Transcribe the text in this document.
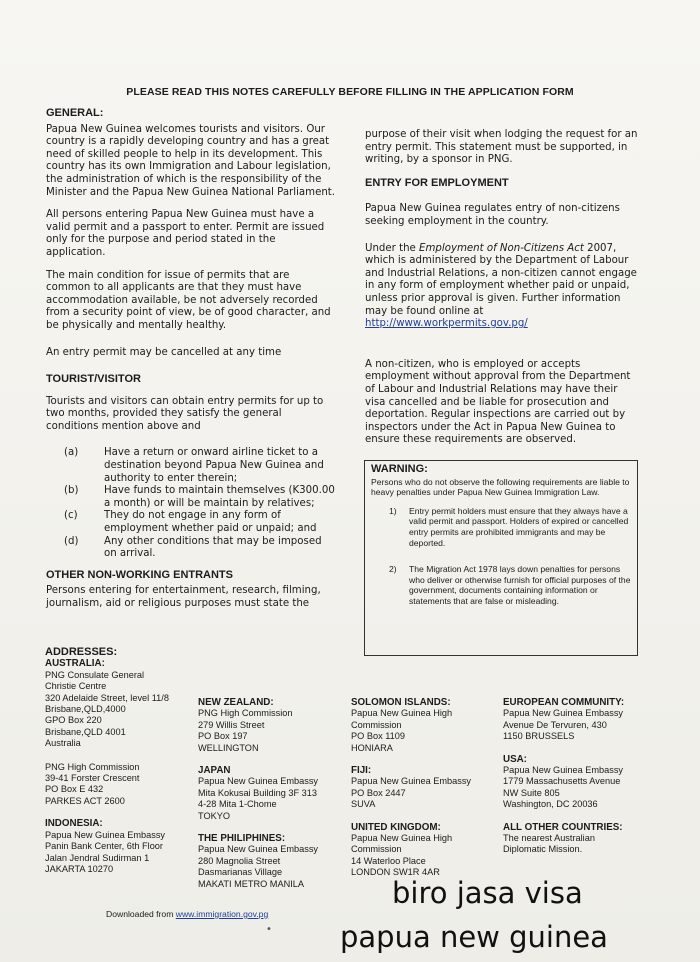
PLEASE READ THIS NOTES CAREFULLY BEFORE FILLING IN THE APPLICATION FORM
GENERAL:

Papua New Guinea welcomes tourists and visitors. Our country is a rapidly developing country and has a great need of skilled people to help in its development. This country has its own Immigration and Labour legislation, the administration of which is the responsibility of the Minister and the Papua New Guinea National Parliament.

All persons entering Papua New Guinea must have a valid permit and a passport to enter. Permit are issued only for the purpose and period stated in the application.

The main condition for issue of permits that are common to all applicants are that they must have accommodation available, be not adversely recorded from a security point of view, be of good character, and be physically and mentally healthy.

An entry permit may be cancelled at any time

TOURIST/VISITOR

Tourists and visitors can obtain entry permits for up to two months, provided they satisfy the general conditions mention above and

(a)	Have a return or onward airline ticket to a destination beyond Papua New Guinea and authority to enter therein;
(b)	Have funds to maintain themselves (K300.00 a month) or will be maintain by relatives;
(c)	They do not engage in any form of employment whether paid or unpaid; and
(d)	Any other conditions that may be imposed on arrival.
OTHER NON-WORKING ENTRANTS

Persons entering for entertainment, research, filming, journalism, aid or religious purposes must state the

purpose of their visit when lodging the request for an entry permit. This statement must be supported, in writing, by a sponsor in PNG.

ENTRY FOR EMPLOYMENT

Papua New Guinea regulates entry of non-citizens seeking employment in the country.

Under the Employment of Non-Citizens Act 2007, which is administered by the Department of Labour and Industrial Relations, a non-citizen cannot engage in any form of employment whether paid or unpaid, unless prior approval is given. Further information may be found online at http://www.workpermits.gov.pg/

A non-citizen, who is employed or accepts employment without approval from the Department of Labour and Industrial Relations may have their visa cancelled and be liable for prosecution and deportation. Regular inspections are carried out by inspectors under the Act in Papua New Guinea to ensure these requirements are observed.

WARNING:
Persons who do not observe the following requirements are liable to heavy penalties under Papua New Guinea Immigration Law.
1)	Entry permit holders must ensure that they always have a valid permit and passport. Holders of expired or cancelled entry permits are prohibited immigrants and may be deported.
2)	The Migration Act 1978 lays down penalties for persons who deliver or otherwise furnish for official purposes of the government, documents containing information or statements that are false or misleading.
ADDRESSES:
AUSTRALIA:
PNG Consulate General
Christie Centre
320 Adelaide Street, level 11/8
Brisbane,QLD,4000
GPO Box 220
Brisbane,QLD 4001
Australia
PNG High Commission
39-41 Forster Crescent
PO Box E 432
PARKES ACT 2600
INDONESIA:
Papua New Guinea Embassy
Panin Bank Center, 6th Floor
Jalan Jendral Sudirman 1
JAKARTA 10270
NEW ZEALAND:
PNG High Commission
279 Willis Street
PO Box 197
WELLINGTON
JAPAN
Papua New Guinea Embassy
Mita Kokusai Building 3F 313
4-28 Mita 1-Chome
TOKYO
THE PHILIPHINES:
Papua New Guinea Embassy
280 Magnolia Street
Dasmarianas Village
MAKATI METRO MANILA
SOLOMON ISLANDS:
Papua New Guinea High
Commission
PO Box 1109
HONIARA
FIJI:
Papua New Guinea Embassy
PO Box 2447
SUVA
UNITED KINGDOM:
Papua New Guinea High
Commission
14 Waterloo Place
LONDON SW1R 4AR
EUROPEAN COMMUNITY:
Papua New Guinea Embassy
Avenue De Tervuren, 430
1150 BRUSSELS
USA:
Papua New Guinea Embassy
1779 Massachusetts Avenue
NW Suite 805
Washington, DC 20036
ALL OTHER COUNTRIES:
The nearest Australian
Diplomatic Mission.
Downloaded from www.immigration.gov.pg
•
biro jasa visa
papua new guinea
